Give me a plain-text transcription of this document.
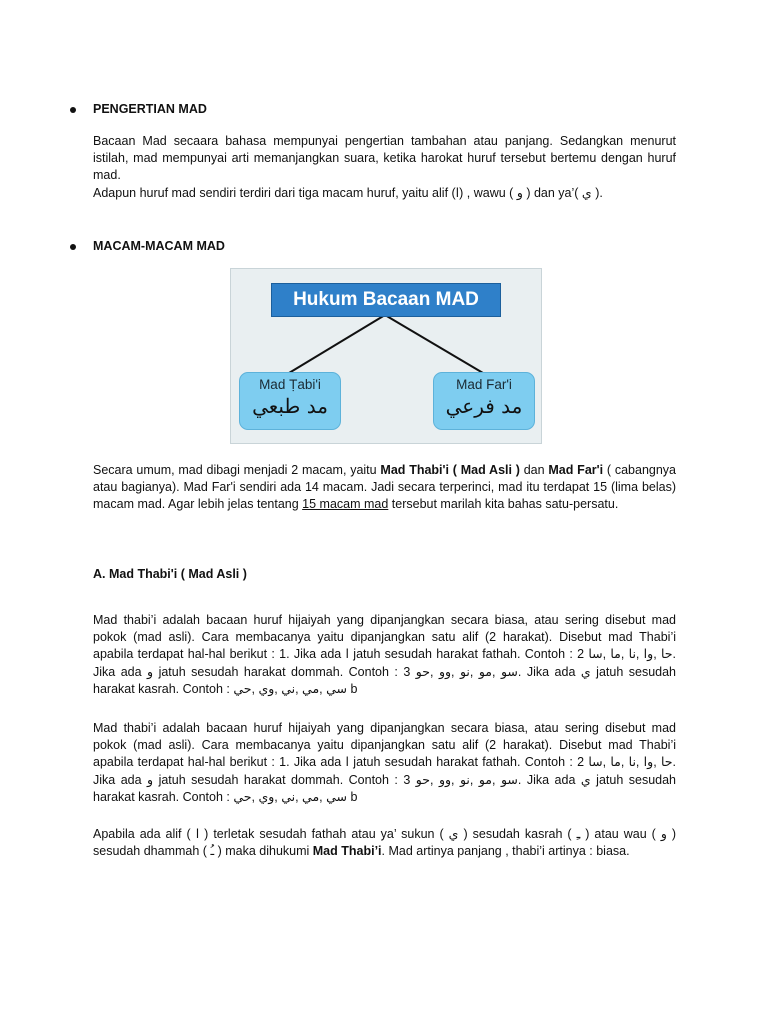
PENGERTIAN MAD
Bacaan Mad secaara bahasa mempunyai pengertian tambahan atau panjang. Sedangkan menurut istilah, mad mempunyai arti memanjangkan suara, ketika harokat huruf tersebut bertemu dengan huruf mad.
Adapun huruf mad sendiri terdiri dari tiga macam huruf, yaitu alif (ا) , wawu ( و ) dan ya’( ي ).
MACAM-MACAM MAD
Hukum Bacaan MAD
Mad Ṭabi'i
مد طبعي
Mad Far'i
مد فرعي
Secara umum, mad dibagi menjadi 2 macam, yaitu Mad Thabi'i ( Mad Asli ) dan Mad Far'i ( cabangnya atau bagianya). Mad Far'i sendiri ada 14 macam. Jadi secara terperinci, mad itu terdapat 15 (lima belas) macam mad. Agar lebih jelas tentang 15 macam mad tersebut marilah kita bahas satu-persatu.
A. Mad Thabi'i ( Mad Asli )
Mad thabi’i adalah bacaan huruf hijaiyah yang dipanjangkan secara biasa, atau sering disebut mad pokok (mad asli). Cara membacanya yaitu dipanjangkan satu alif (2 harakat). Disebut mad Thabi’i apabila terdapat hal-hal berikut : 1. Jika ada ا jatuh sesudah harakat fathah. Contoh : 2 حا ,وا ,نا ,ما ,سا. Jika ada و jatuh sesudah harakat dommah. Contoh : سو ,مو ,نو ,وو ,حو 3. Jika ada ي jatuh sesudah harakat kasrah. Contoh : سي ,مي ,ني ,وي ,حي b
Mad thabi’i adalah bacaan huruf hijaiyah yang dipanjangkan secara biasa, atau sering disebut mad pokok (mad asli). Cara membacanya yaitu dipanjangkan satu alif (2 harakat). Disebut mad Thabi’i apabila terdapat hal-hal berikut : 1. Jika ada ا jatuh sesudah harakat fathah. Contoh : 2 حا ,وا ,نا ,ما ,سا. Jika ada و jatuh sesudah harakat dommah. Contoh : سو ,مو ,نو ,وو ,حو 3. Jika ada ي jatuh sesudah harakat kasrah. Contoh : سي ,مي ,ني ,وي ,حي b
Apabila ada alif ( ا ) terletak sesudah fathah atau ya’ sukun ( ي ) sesudah kasrah ( ـِ ) atau wau ( و ) sesudah dhammah ( ـُ ) maka dihukumi Mad Thabi’i. Mad artinya panjang , thabi’i artinya : biasa.
